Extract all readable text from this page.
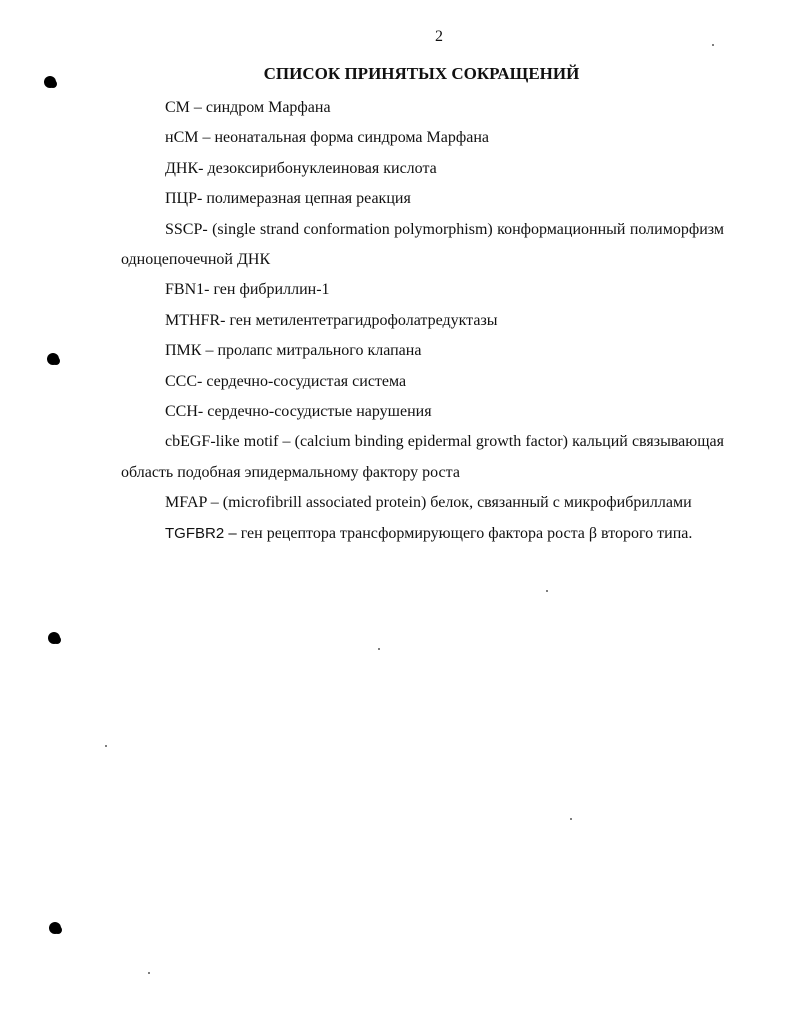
2
СПИСОК ПРИНЯТЫХ СОКРАЩЕНИЙ

СМ – синдром Марфана

нСМ – неонатальная форма синдрома Марфана

ДНК- дезоксирибонуклеиновая кислота

ПЦР- полимеразная цепная реакция

SSCP- (single strand conformation polymorphism) конформационный полиморфизм одноцепочечной ДНК

FBN1- ген фибриллин-1

MTHFR- ген метилентетрагидрофолатредуктазы

ПМК – пролапс митрального клапана

ССС- сердечно-сосудистая система

ССН- сердечно-сосудистые нарушения

cbEGF-like motif – (calcium binding epidermal growth factor) кальций связывающая область подобная эпидермальному фактору роста

MFAP – (microfibrill associated protein) белок, связанный с микрофибриллами

TGFBR2 – ген рецептора трансформирующего фактора роста β второго типа.
